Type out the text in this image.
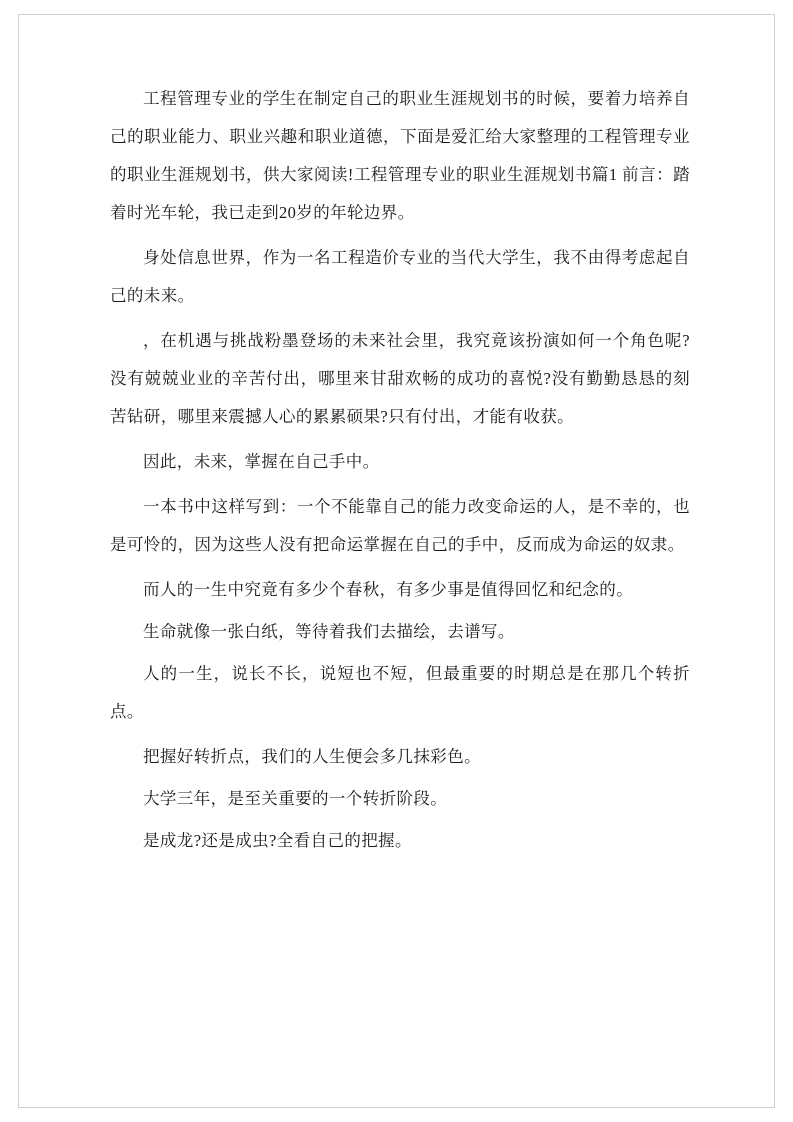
工程管理专业的学生在制定自己的职业生涯规划书的时候，要着力培养自己的职业能力、职业兴趣和职业道德，下面是爱汇给大家整理的工程管理专业的职业生涯规划书，供大家阅读!工程管理专业的职业生涯规划书篇1 前言：踏着时光车轮，我已走到20岁的年轮边界。

身处信息世界，作为一名工程造价专业的当代大学生，我不由得考虑起自己的未来。

，在机遇与挑战粉墨登场的未来社会里，我究竟该扮演如何一个角色呢?没有兢兢业业的辛苦付出，哪里来甘甜欢畅的成功的喜悦?没有勤勤恳恳的刻苦钻研，哪里来震撼人心的累累硕果?只有付出，才能有收获。

因此，未来，掌握在自己手中。

一本书中这样写到：一个不能靠自己的能力改变命运的人，是不幸的，也是可怜的，因为这些人没有把命运掌握在自己的手中，反而成为命运的奴隶。

而人的一生中究竟有多少个春秋，有多少事是值得回忆和纪念的。

生命就像一张白纸，等待着我们去描绘，去谱写。

人的一生，说长不长，说短也不短，但最重要的时期总是在那几个转折点。

把握好转折点，我们的人生便会多几抹彩色。

大学三年，是至关重要的一个转折阶段。

是成龙?还是成虫?全看自己的把握。
